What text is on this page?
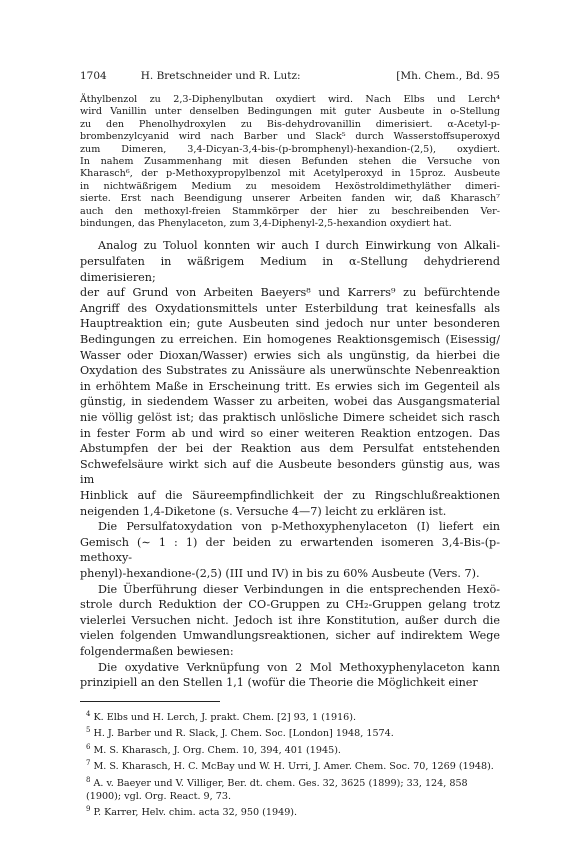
1704	H. Bretschneider und R. Lutz:	[Mh. Chem., Bd. 95
Äthylbenzol zu 2,3-Diphenylbutan oxydiert wird. Nach Elbs und Lerch⁴
wird Vanillin unter denselben Bedingungen mit guter Ausbeute in o-Stellung
zu den Phenolhydroxylen zu Bis-dehydrovanillin dimerisiert. α-Acetyl-p-
brombenzylcyanid wird nach Barber und Slack⁵ durch Wasserstoffsuperoxyd
zum Dimeren, 3,4-Dicyan-3,4-bis-(p-bromphenyl)-hexandion-(2,5), oxydiert.
In nahem Zusammenhang mit diesen Befunden stehen die Versuche von
Kharasch⁶, der p-Methoxypropylbenzol mit Acetylperoxyd in 15proz. Ausbeute
in nichtwäßrigem Medium zu mesoidem Hexöstroldimethyläther dimeri-
sierte. Erst nach Beendigung unserer Arbeiten fanden wir, daß Kharasch⁷
auch den methoxyl-freien Stammkörper der hier zu beschreibenden Ver-
bindungen, das Phenylaceton, zum 3,4-Diphenyl-2,5-hexandion oxydiert hat.
Analog zu Toluol konnten wir auch I durch Einwirkung von Alkali-
persulfaten in wäßrigem Medium in α-Stellung dehydrierend dimerisieren;
der auf Grund von Arbeiten Baeyers⁸ und Karrers⁹ zu befürchtende
Angriff des Oxydationsmittels unter Esterbildung trat keinesfalls als
Hauptreaktion ein; gute Ausbeuten sind jedoch nur unter besonderen
Bedingungen zu erreichen. Ein homogenes Reaktionsgemisch (Eisessig/
Wasser oder Dioxan/Wasser) erwies sich als ungünstig, da hierbei die
Oxydation des Substrates zu Anissäure als unerwünschte Nebenreaktion
in erhöhtem Maße in Erscheinung tritt. Es erwies sich im Gegenteil als
günstig, in siedendem Wasser zu arbeiten, wobei das Ausgangsmaterial
nie völlig gelöst ist; das praktisch unlösliche Dimere scheidet sich rasch
in fester Form ab und wird so einer weiteren Reaktion entzogen. Das
Abstumpfen der bei der Reaktion aus dem Persulfat entstehenden
Schwefelsäure wirkt sich auf die Ausbeute besonders günstig aus, was im
Hinblick auf die Säureempfindlichkeit der zu Ringschlußreaktionen
neigenden 1,4-Diketone (s. Versuche 4—7) leicht zu erklären ist.
Die Persulfatoxydation von p-Methoxyphenylaceton (I) liefert ein
Gemisch (∼ 1 : 1) der beiden zu erwartenden isomeren 3,4-Bis-(p-methoxy-
phenyl)-hexandione-(2,5) (III und IV) in bis zu 60% Ausbeute (Vers. 7).
Die Überführung dieser Verbindungen in die entsprechenden Hexö-
strole durch Reduktion der CO-Gruppen zu CH₂-Gruppen gelang trotz
vielerlei Versuchen nicht. Jedoch ist ihre Konstitution, außer durch die
vielen folgenden Umwandlungsreaktionen, sicher auf indirektem Wege
folgendermaßen bewiesen:
Die oxydative Verknüpfung von 2 Mol Methoxyphenylaceton kann
prinzipiell an den Stellen 1,1 (wofür die Theorie die Möglichkeit einer

$^4$ K. Elbs und H. Lerch, J. prakt. Chem. [2] 93, 1 (1916).

$^5$ H. J. Barber und R. Slack, J. Chem. Soc. [London] 1948, 1574.

$^6$ M. S. Kharasch, J. Org. Chem. 10, 394, 401 (1945).

$^7$ M. S. Kharasch, H. C. McBay und W. H. Urri, J. Amer. Chem. Soc. 70, 1269 (1948).

$^8$ A. v. Baeyer und V. Villiger, Ber. dt. chem. Ges. 32, 3625 (1899); 33, 124, 858 (1900); vgl. Org. React. 9, 73.

$^9$ P. Karrer, Helv. chim. acta 32, 950 (1949).
